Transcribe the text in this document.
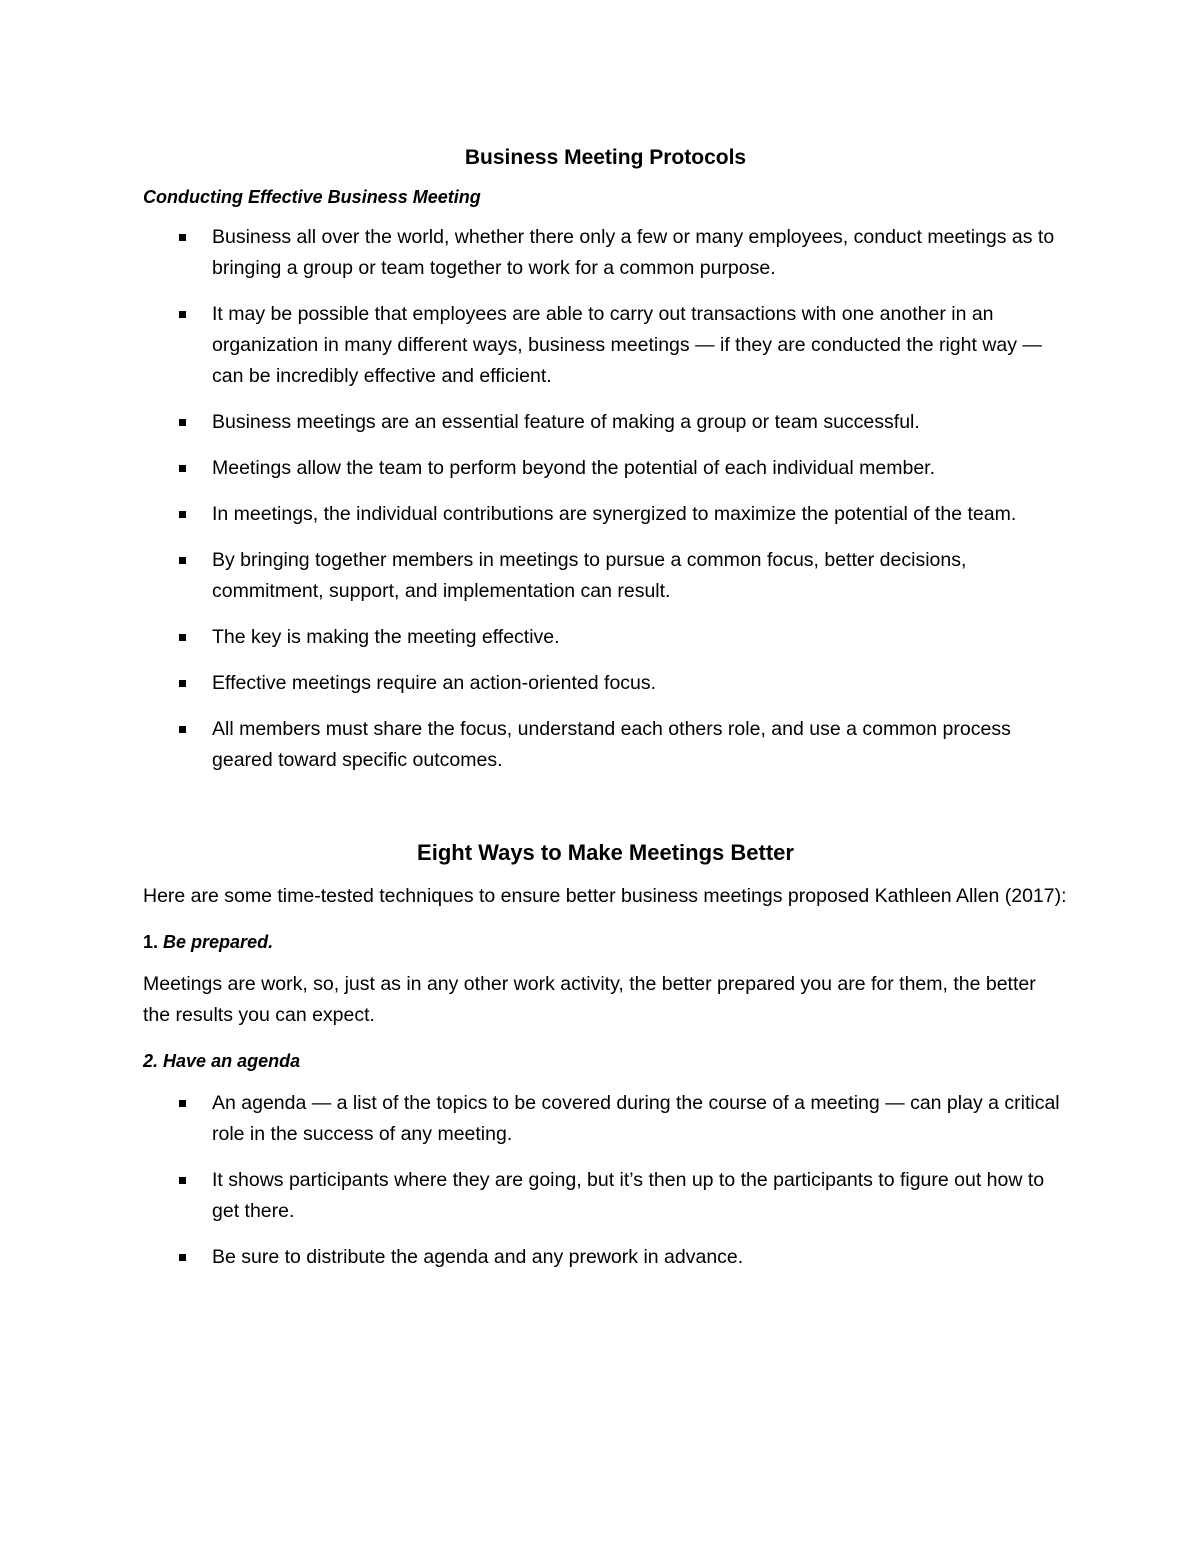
Business Meeting Protocols
Conducting Effective Business Meeting
Business all over the world, whether there only a few or many employees, conduct meetings as to bringing a group or team together to work for a common purpose.
It may be possible that employees are able to carry out transactions with one another in an organization in many different ways, business meetings — if they are conducted the right way — can be incredibly effective and efficient.
Business meetings are an essential feature of making a group or team successful.
Meetings allow the team to perform beyond the potential of each individual member.
In meetings, the individual contributions are synergized to maximize the potential of the team.
By bringing together members in meetings to pursue a common focus, better decisions, commitment, support, and implementation can result.
The key is making the meeting effective.
Effective meetings require an action-oriented focus.
All members must share the focus, understand each others role, and use a common process geared toward specific outcomes.
Eight Ways to Make Meetings Better

Here are some time-tested techniques to ensure better business meetings proposed Kathleen Allen (2017):

1. Be prepared.

Meetings are work, so, just as in any other work activity, the better prepared you are for them, the better the results you can expect.

2. Have an agenda

An agenda — a list of the topics to be covered during the course of a meeting — can play a critical role in the success of any meeting.
It shows participants where they are going, but it’s then up to the participants to figure out how to get there.
Be sure to distribute the agenda and any prework in advance.
